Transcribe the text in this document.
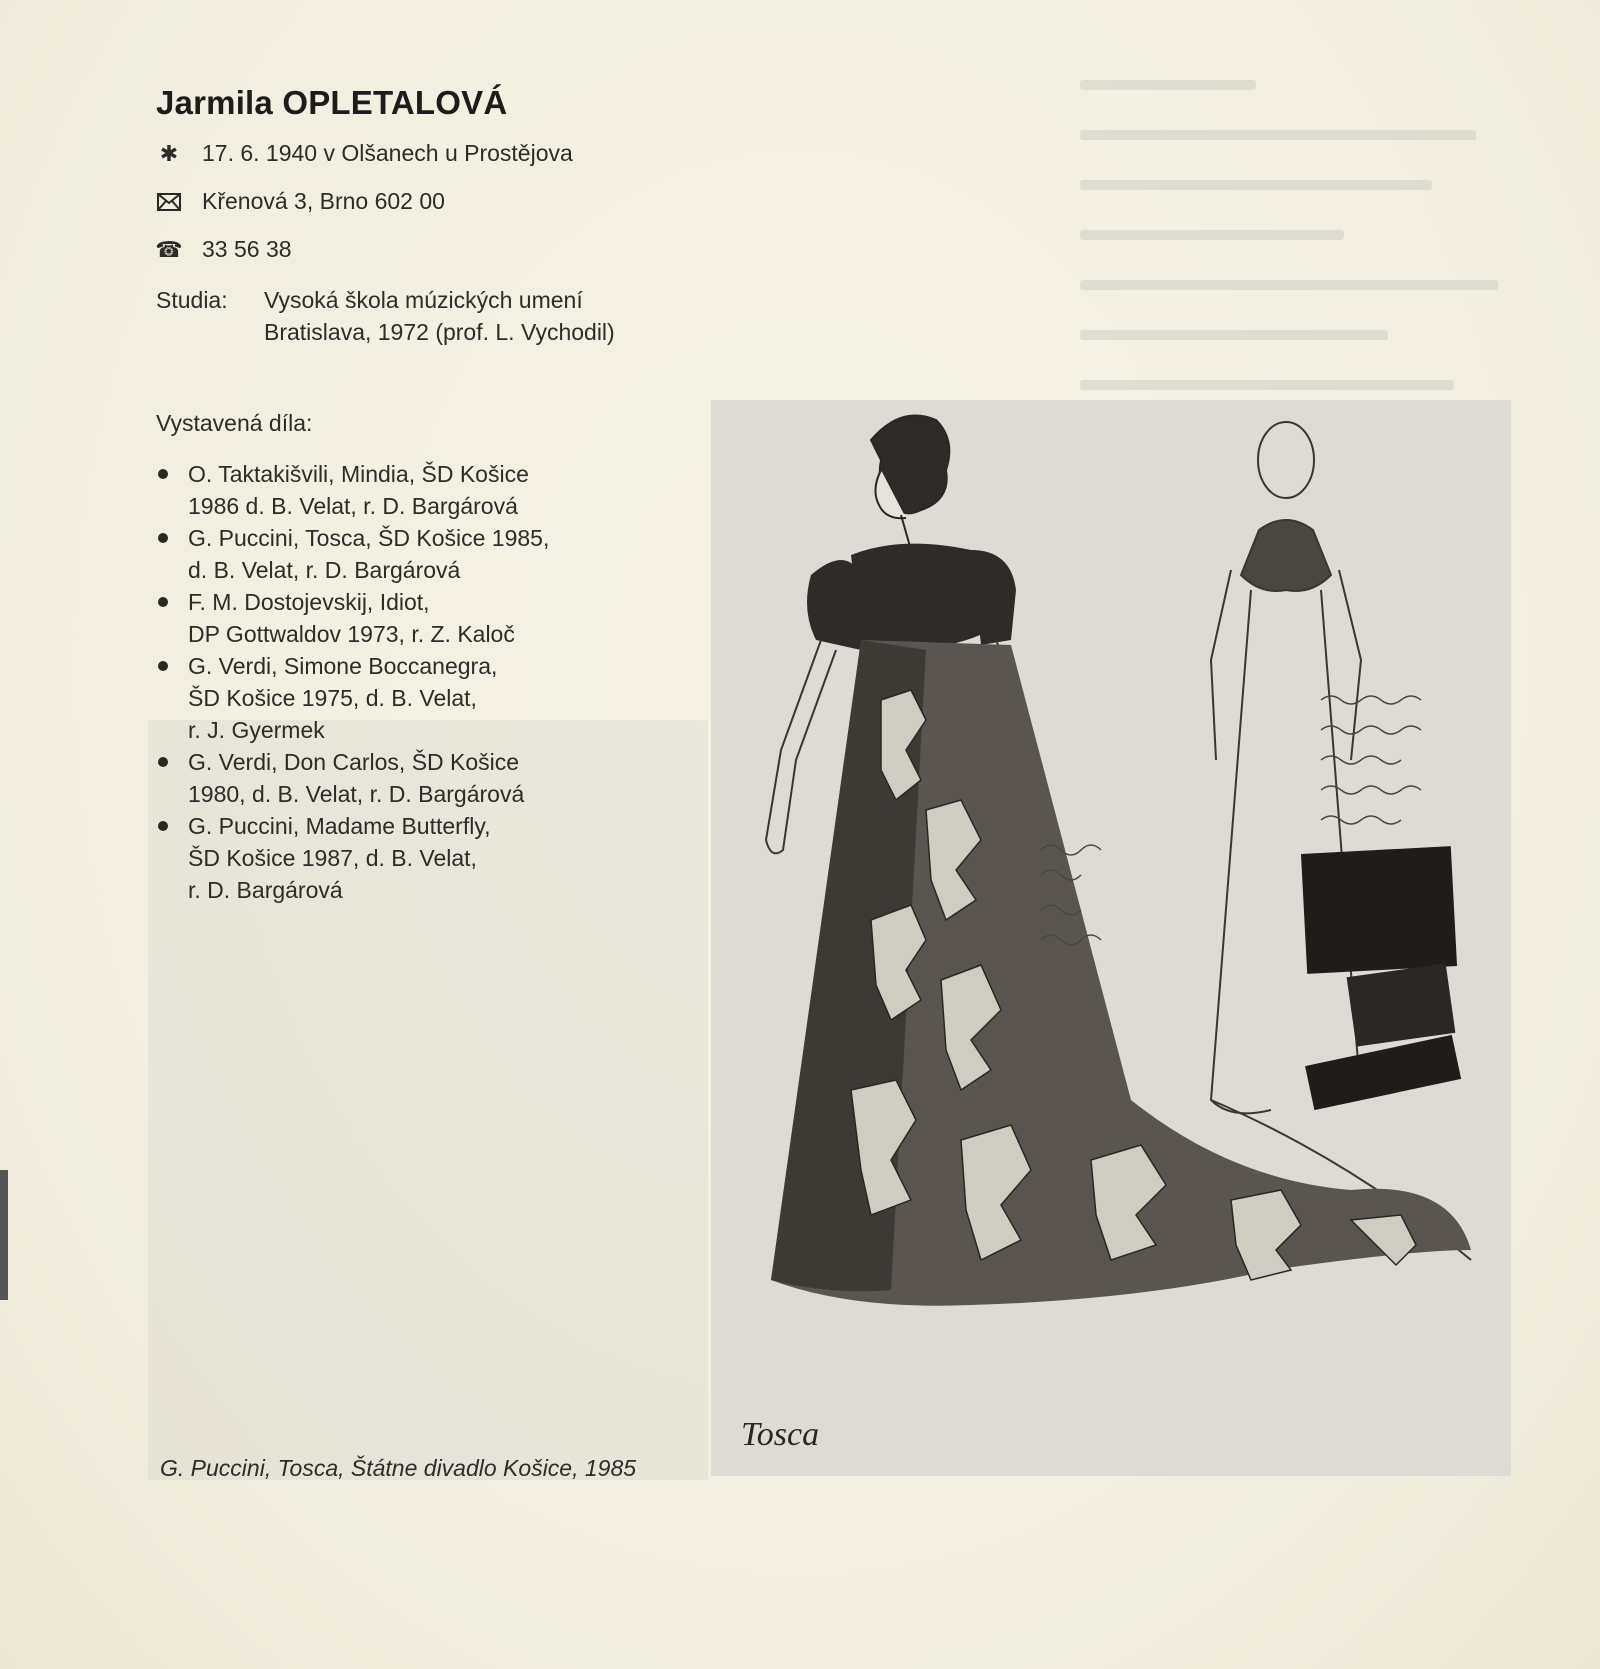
Jarmila OPLETALOVÁ
✱ 17. 6. 1940 v Olšanech u Prostějova
Křenová 3, Brno 602 00
☎ 33 56 38
Studia:	Vysoká škola múzických umení Bratislava, 1972 (prof. L. Vychodil)
Vystavená díla:
O. Taktakišvili, Mindia, ŠD Košice
1986 d. B. Velat, r. D. Bargárová
G. Puccini, Tosca, ŠD Košice 1985,
d. B. Velat, r. D. Bargárová
F. M. Dostojevskij, Idiot,
DP Gottwaldov 1973, r. Z. Kaloč
G. Verdi, Simone Boccanegra,
ŠD Košice 1975, d. B. Velat,
r. J. Gyermek
G. Verdi, Don Carlos, ŠD Košice
1980, d. B. Velat, r. D. Bargárová
G. Puccini, Madame Butterfly,
ŠD Košice 1987, d. B. Velat,
r. D. Bargárová
Tosca
G. Puccini, Tosca, Štátne divadlo Košice, 1985
